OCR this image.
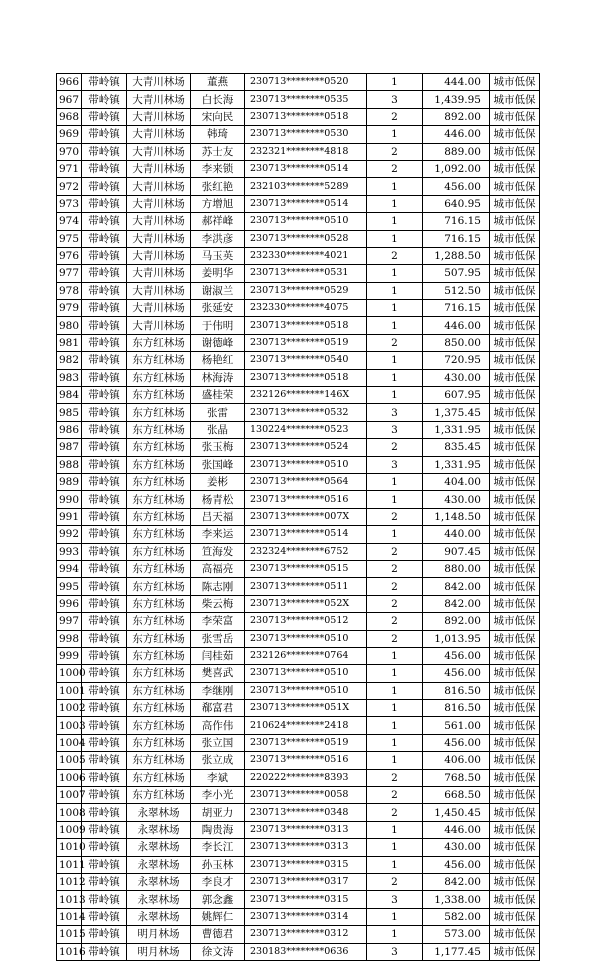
966	带岭镇	大青川林场	董燕	230713********0520	1	444.00	城市低保
967	带岭镇	大青川林场	白长海	230713********0535	3	1,439.95	城市低保
968	带岭镇	大青川林场	宋向民	230713********0518	2	892.00	城市低保
969	带岭镇	大青川林场	韩琦	230713********0530	1	446.00	城市低保
970	带岭镇	大青川林场	苏士友	232321********4818	2	889.00	城市低保
971	带岭镇	大青川林场	李来锁	230713********0514	2	1,092.00	城市低保
972	带岭镇	大青川林场	张红艳	232103********5289	1	456.00	城市低保
973	带岭镇	大青川林场	方增旭	230713********0514	1	640.95	城市低保
974	带岭镇	大青川林场	郝祥峰	230713********0510	1	716.15	城市低保
975	带岭镇	大青川林场	李洪彦	230713********0528	1	716.15	城市低保
976	带岭镇	大青川林场	马玉英	232330********4021	2	1,288.50	城市低保
977	带岭镇	大青川林场	姜明华	230713********0531	1	507.95	城市低保
978	带岭镇	大青川林场	谢淑兰	230713********0529	1	512.50	城市低保
979	带岭镇	大青川林场	张延安	232330********4075	1	716.15	城市低保
980	带岭镇	大青川林场	于伟明	230713********0518	1	446.00	城市低保
981	带岭镇	东方红林场	谢德峰	230713********0519	2	850.00	城市低保
982	带岭镇	东方红林场	杨艳红	230713********0540	1	720.95	城市低保
983	带岭镇	东方红林场	林海涛	230713********0518	1	430.00	城市低保
984	带岭镇	东方红林场	盛桂荣	232126********146X	1	607.95	城市低保
985	带岭镇	东方红林场	张雷	230713********0532	3	1,375.45	城市低保
986	带岭镇	东方红林场	张晶	130224********0523	3	1,331.95	城市低保
987	带岭镇	东方红林场	张玉梅	230713********0524	2	835.45	城市低保
988	带岭镇	东方红林场	张国峰	230713********0510	3	1,331.95	城市低保
989	带岭镇	东方红林场	姜彬	230713********0564	1	404.00	城市低保
990	带岭镇	东方红林场	杨青松	230713********0516	1	430.00	城市低保
991	带岭镇	东方红林场	吕天福	230713********007X	2	1,148.50	城市低保
992	带岭镇	东方红林场	李来运	230713********0514	1	440.00	城市低保
993	带岭镇	东方红林场	笪海发	232324********6752	2	907.45	城市低保
994	带岭镇	东方红林场	高福亮	230713********0515	2	880.00	城市低保
995	带岭镇	东方红林场	陈志刚	230713********0511	2	842.00	城市低保
996	带岭镇	东方红林场	柴云梅	230713********052X	2	842.00	城市低保
997	带岭镇	东方红林场	李荣富	230713********0512	2	892.00	城市低保
998	带岭镇	东方红林场	张雪岳	230713********0510	2	1,013.95	城市低保
999	带岭镇	东方红林场	闫桂茹	232126********0764	1	456.00	城市低保
1000	带岭镇	东方红林场	樊喜武	230713********0510	1	456.00	城市低保
1001	带岭镇	东方红林场	李继刚	230713********0510	1	816.50	城市低保
1002	带岭镇	东方红林场	郗富君	230713********051X	1	816.50	城市低保
1003	带岭镇	东方红林场	高作伟	210624********2418	1	561.00	城市低保
1004	带岭镇	东方红林场	张立国	230713********0519	1	456.00	城市低保
1005	带岭镇	东方红林场	张立成	230713********0516	1	406.00	城市低保
1006	带岭镇	东方红林场	李斌	220222********8393	2	768.50	城市低保
1007	带岭镇	东方红林场	李小光	230713********0058	2	668.50	城市低保
1008	带岭镇	永翠林场	胡亚力	230713********0348	2	1,450.45	城市低保
1009	带岭镇	永翠林场	陶贵海	230713********0313	1	446.00	城市低保
1010	带岭镇	永翠林场	李长江	230713********0313	1	430.00	城市低保
1011	带岭镇	永翠林场	孙玉林	230713********0315	1	456.00	城市低保
1012	带岭镇	永翠林场	李良才	230713********0317	2	842.00	城市低保
1013	带岭镇	永翠林场	郭念鑫	230713********0315	3	1,338.00	城市低保
1014	带岭镇	永翠林场	姚辉仁	230713********0314	1	582.00	城市低保
1015	带岭镇	明月林场	曹德君	230713********0312	1	573.00	城市低保
1016	带岭镇	明月林场	徐文涛	230183********0636	3	1,177.45	城市低保
